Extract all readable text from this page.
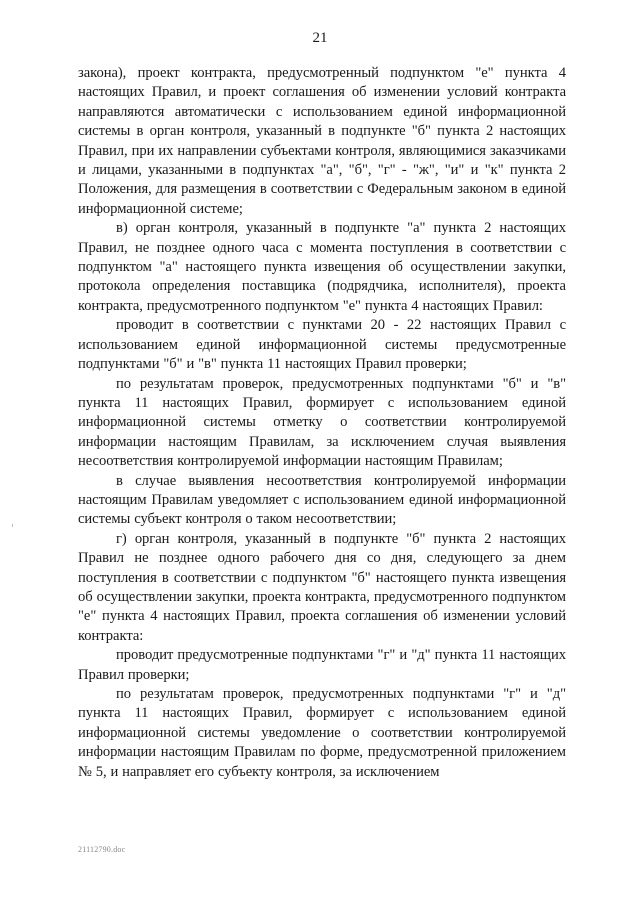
21

закона), проект контракта, предусмотренный подпунктом "е" пункта 4 настоящих Правил, и проект соглашения об изменении условий контракта направляются автоматически с использованием единой информационной системы в орган контроля, указанный в подпункте "б" пункта 2 настоящих Правил, при их направлении субъектами контроля, являющимися заказчиками и лицами, указанными в подпунктах "а", "б", "г" - "ж", "и" и "к" пункта 2 Положения, для размещения в соответствии с Федеральным законом в единой информационной системе;

в) орган контроля, указанный в подпункте "а" пункта 2 настоящих Правил, не позднее одного часа с момента поступления в соответствии с подпунктом "а" настоящего пункта извещения об осуществлении закупки, протокола определения поставщика (подрядчика, исполнителя), проекта контракта, предусмотренного подпунктом "е" пункта 4 настоящих Правил:

проводит в соответствии с пунктами 20 - 22 настоящих Правил с использованием единой информационной системы предусмотренные подпунктами "б" и "в" пункта 11 настоящих Правил проверки;

по результатам проверок, предусмотренных подпунктами "б" и "в" пункта 11 настоящих Правил, формирует с использованием единой информационной системы отметку о соответствии контролируемой информации настоящим Правилам, за исключением случая выявления несоответствия контролируемой информации настоящим Правилам;

в случае выявления несоответствия контролируемой информации настоящим Правилам уведомляет с использованием единой информационной системы субъект контроля о таком несоответствии;

г) орган контроля, указанный в подпункте "б" пункта 2 настоящих Правил не позднее одного рабочего дня со дня, следующего за днем поступления в соответствии с подпунктом "б" настоящего пункта извещения об осуществлении закупки, проекта контракта, предусмотренного подпунктом "е" пункта 4 настоящих Правил, проекта соглашения об изменении условий контракта:

проводит предусмотренные подпунктами "г" и "д" пункта 11 настоящих Правил проверки;

по результатам проверок, предусмотренных подпунктами "г" и "д" пункта 11 настоящих Правил, формирует с использованием единой информационной системы уведомление о соответствии контролируемой информации настоящим Правилам по форме, предусмотренной приложением № 5, и направляет его субъекту контроля, за исключением

21112790.doc
